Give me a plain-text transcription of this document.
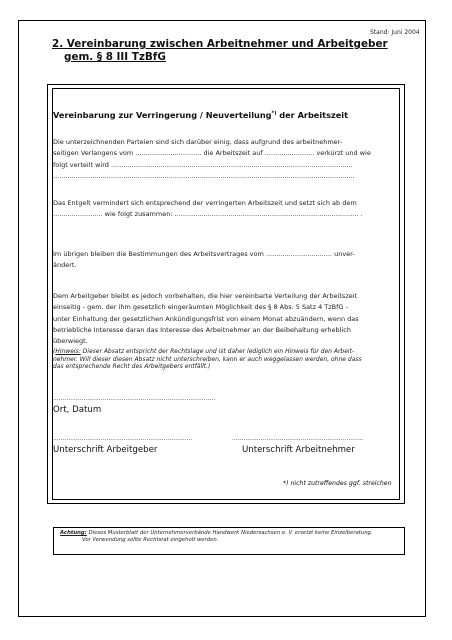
Stand: Juni 2004
2. Vereinbarung zwischen Arbeitnehmer und Arbeitgeber
gem. § 8 III TzBfG
Vereinbarung zur Verringerung / Neuverteilung*) der Arbeitszeit
Die unterzeichnenden Parteien sind sich darüber einig, dass aufgrund des arbeitnehmer-
seitigen Verlangens vom ................................ die Arbeitszeit auf ........................ verkürzt und wie
folgt verteilt wird .....................................................................................................................
..................................................................................................................................................
Das Entgelt vermindert sich entsprechend der verringerten Arbeitszeit und setzt sich ab dem
........................ wie folgt zusammen: ......................................................................................... .
Im übrigen bleiben die Bestimmungen des Arbeitsvertrages vom ................................ unver-
ändert.
Dem Arbeitgeber bleibt es jedoch vorbehalten, die hier vereinbarte Verteilung der Arbeitszeit
einseitig - gem. der ihm gesetzlich eingeräumten Möglichkeit des § 8 Abs. 5 Satz 4 TzBfG -
unter Einhaltung der gesetzlichen Ankündigungsfrist von einem Monat abzuändern, wenn das
betriebliche Interesse daran das Interesse des Arbeitnehmer an der Beibehaltung erheblich
überwiegt.
(Hinweis: Dieser Absatz entspricht der Rechtslage und ist daher lediglich ein Hinweis für den Arbeit-
nehmer. Will dieser diesen Absatz nicht unterschreiben, kann er auch weggelassen werden, ohne dass
das entsprechende Recht des Arbeitgebers entfällt.)
.....................................................................................
Ort, Datum
.........................................................................	.....................................................................
Unterschrift Arbeitgeber	Unterschrift Arbeitnehmer
*) nicht zutreffendes ggf. streichen
Achtung: Dieses Musterblatt der Unternehmerverbände Handwerk Niedersachsen e. V. ersetzt keine Einzelberatung.
Vor Verwendung sollte Rechtsrat eingeholt werden.
